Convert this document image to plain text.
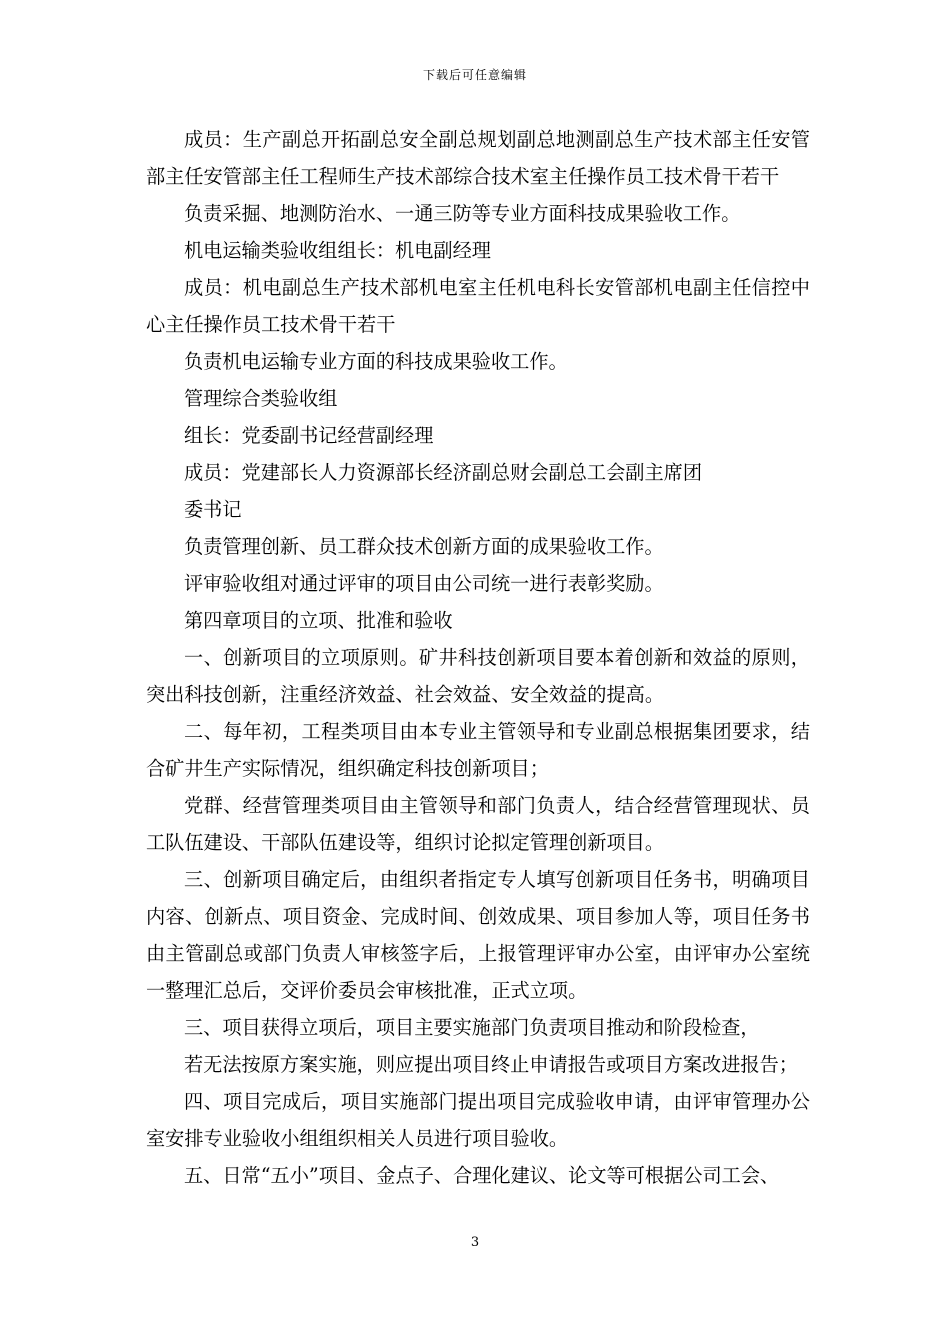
下载后可任意编辑

成员：生产副总开拓副总安全副总规划副总地测副总生产技术部主任安管部主任安管部主任工程师生产技术部综合技术室主任操作员工技术骨干若干

负责采掘、地测防治水、一通三防等专业方面科技成果验收工作。

机电运输类验收组组长：机电副经理

成员：机电副总生产技术部机电室主任机电科长安管部机电副主任信控中心主任操作员工技术骨干若干

负责机电运输专业方面的科技成果验收工作。

管理综合类验收组

组长：党委副书记经营副经理

成员：党建部长人力资源部长经济副总财会副总工会副主席团

委书记

负责管理创新、员工群众技术创新方面的成果验收工作。

评审验收组对通过评审的项目由公司统一进行表彰奖励。

第四章项目的立项、批准和验收

一、创新项目的立项原则。矿井科技创新项目要本着创新和效益的原则，突出科技创新，注重经济效益、社会效益、安全效益的提高。

二、每年初，工程类项目由本专业主管领导和专业副总根据集团要求，结合矿井生产实际情况，组织确定科技创新项目；

党群、经营管理类项目由主管领导和部门负责人，结合经营管理现状、员工队伍建设、干部队伍建设等，组织讨论拟定管理创新项目。

三、创新项目确定后，由组织者指定专人填写创新项目任务书，明确项目内容、创新点、项目资金、完成时间、创效成果、项目参加人等，项目任务书由主管副总或部门负责人审核签字后，上报管理评审办公室，由评审办公室统一整理汇总后，交评价委员会审核批准，正式立项。

三、项目获得立项后，项目主要实施部门负责项目推动和阶段检查，

若无法按原方案实施，则应提出项目终止申请报告或项目方案改进报告；

四、项目完成后，项目实施部门提出项目完成验收申请，由评审管理办公室安排专业验收小组组织相关人员进行项目验收。

五、日常“五小”项目、金点子、合理化建议、论文等可根据公司工会、

3
